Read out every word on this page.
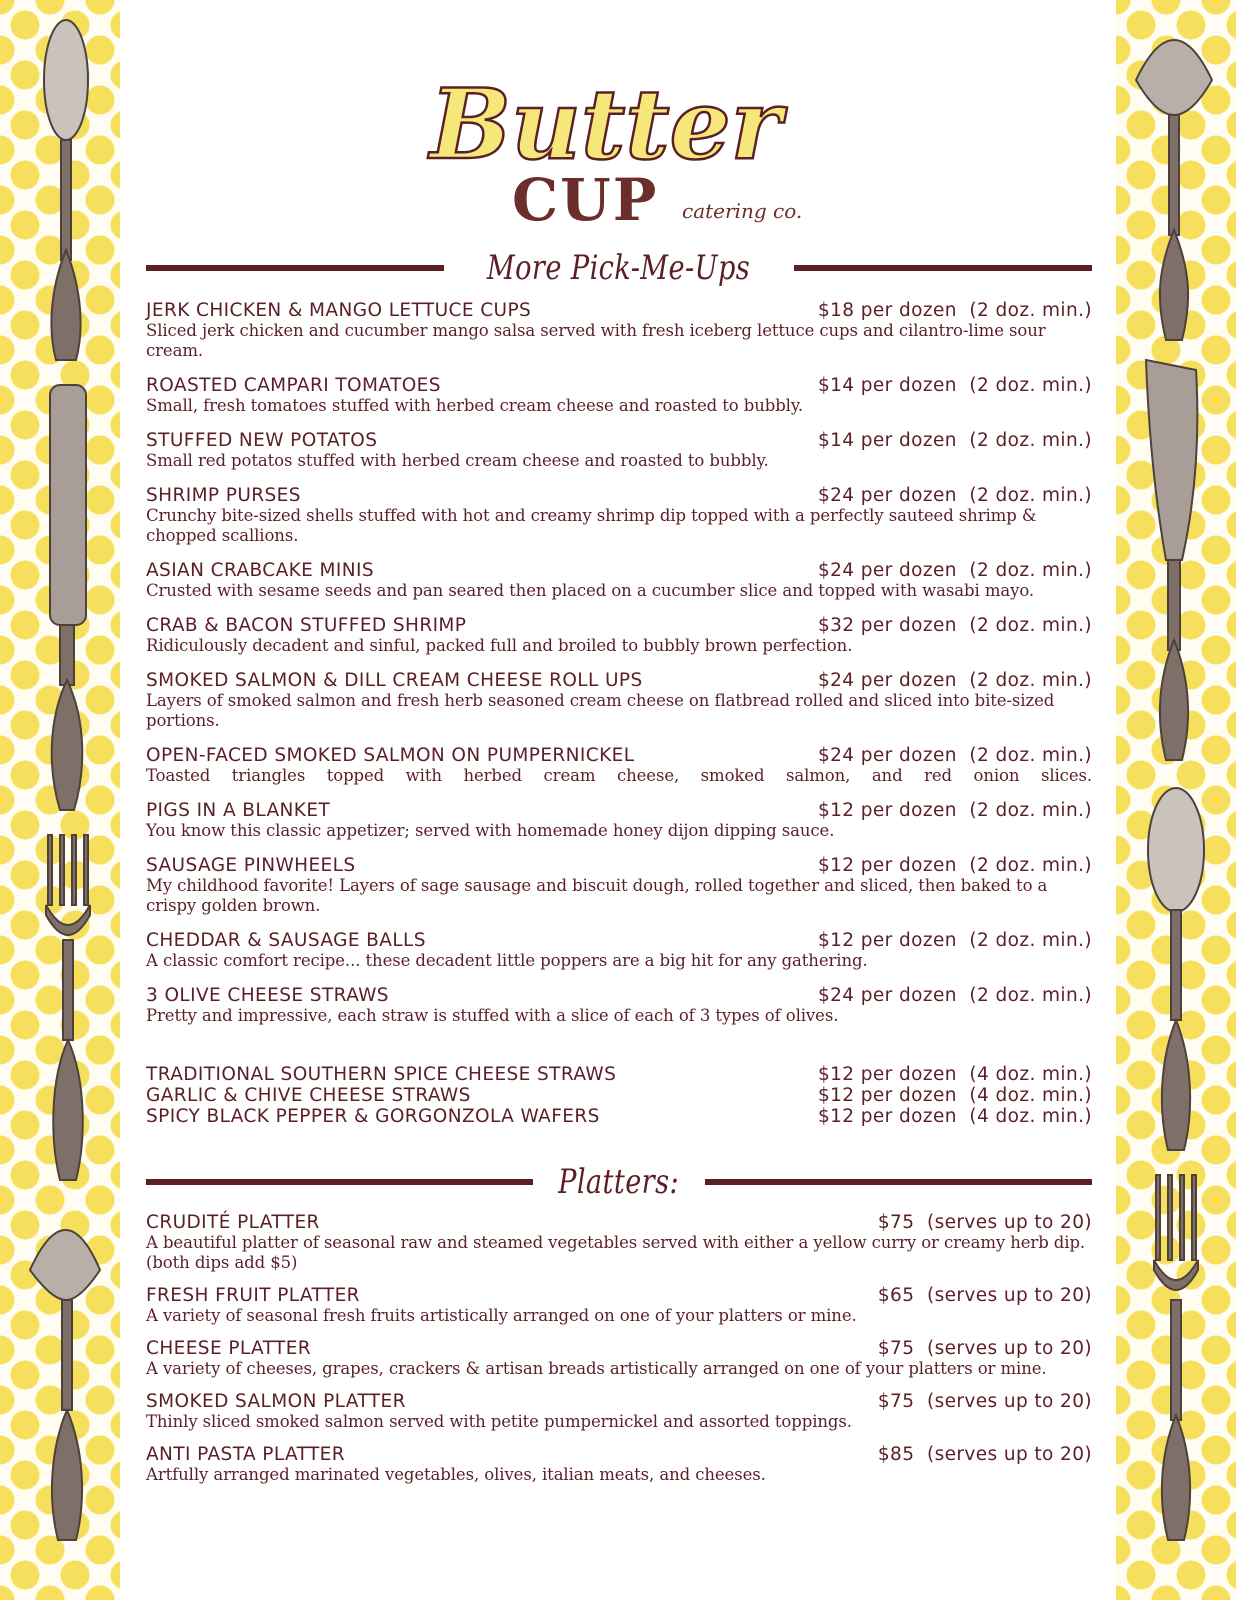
Butter
CUP catering co.
More Pick-Me-Ups
JERK CHICKEN & MANGO LETTUCE CUPS	$18 per dozen  (2 doz. min.)
Sliced jerk chicken and cucumber mango salsa served with fresh iceberg lettuce cups and cilantro-lime sour cream.
ROASTED CAMPARI TOMATOES	$14 per dozen  (2 doz. min.)
Small, fresh tomatoes stuffed with herbed cream cheese and roasted to bubbly.
STUFFED NEW POTATOS	$14 per dozen  (2 doz. min.)
Small red potatos stuffed with herbed cream cheese and roasted to bubbly.
SHRIMP PURSES	$24 per dozen  (2 doz. min.)
Crunchy bite-sized shells stuffed with hot and creamy shrimp dip topped with a perfectly sauteed shrimp & chopped scallions.
ASIAN CRABCAKE MINIS	$24 per dozen  (2 doz. min.)
Crusted with sesame seeds and pan seared then placed on a cucumber slice and topped with wasabi mayo.
CRAB & BACON STUFFED SHRIMP	$32 per dozen  (2 doz. min.)
Ridiculously decadent and sinful, packed full and broiled to bubbly brown perfection.
SMOKED SALMON & DILL CREAM CHEESE ROLL UPS	$24 per dozen  (2 doz. min.)
Layers of smoked salmon and fresh herb seasoned cream cheese on flatbread rolled and sliced into bite-sized portions.
OPEN-FACED SMOKED SALMON ON PUMPERNICKEL	$24 per dozen  (2 doz. min.)
Toasted triangles topped with herbed cream cheese, smoked salmon, and red onion slices.
PIGS IN A BLANKET	$12 per dozen  (2 doz. min.)
You know this classic appetizer; served with homemade honey dijon dipping sauce.
SAUSAGE PINWHEELS	$12 per dozen  (2 doz. min.)
My childhood favorite! Layers of sage sausage and biscuit dough, rolled together and sliced, then baked to a crispy golden brown.
CHEDDAR & SAUSAGE BALLS	$12 per dozen  (2 doz. min.)
A classic comfort recipe... these decadent little poppers are a big hit for any gathering.
3 OLIVE CHEESE STRAWS	$24 per dozen  (2 doz. min.)
Pretty and impressive, each straw is stuffed with a slice of each of 3 types of olives.
TRADITIONAL SOUTHERN SPICE CHEESE STRAWS	$12 per dozen  (4 doz. min.)
GARLIC & CHIVE CHEESE STRAWS	$12 per dozen  (4 doz. min.)
SPICY BLACK PEPPER & GORGONZOLA WAFERS	$12 per dozen  (4 doz. min.)
Platters:
CRUDITÉ PLATTER	$75  (serves up to 20)
A beautiful platter of seasonal raw and steamed vegetables served with either a yellow curry or creamy herb dip. (both dips add $5)
FRESH FRUIT PLATTER	$65  (serves up to 20)
A variety of seasonal fresh fruits artistically arranged on one of your platters or mine.
CHEESE PLATTER	$75  (serves up to 20)
A variety of cheeses, grapes, crackers & artisan breads artistically arranged on one of your platters or mine.
SMOKED SALMON PLATTER	$75  (serves up to 20)
Thinly sliced smoked salmon served with petite pumpernickel and assorted toppings.
ANTI PASTA PLATTER	$85  (serves up to 20)
Artfully arranged marinated vegetables, olives, italian meats, and cheeses.
